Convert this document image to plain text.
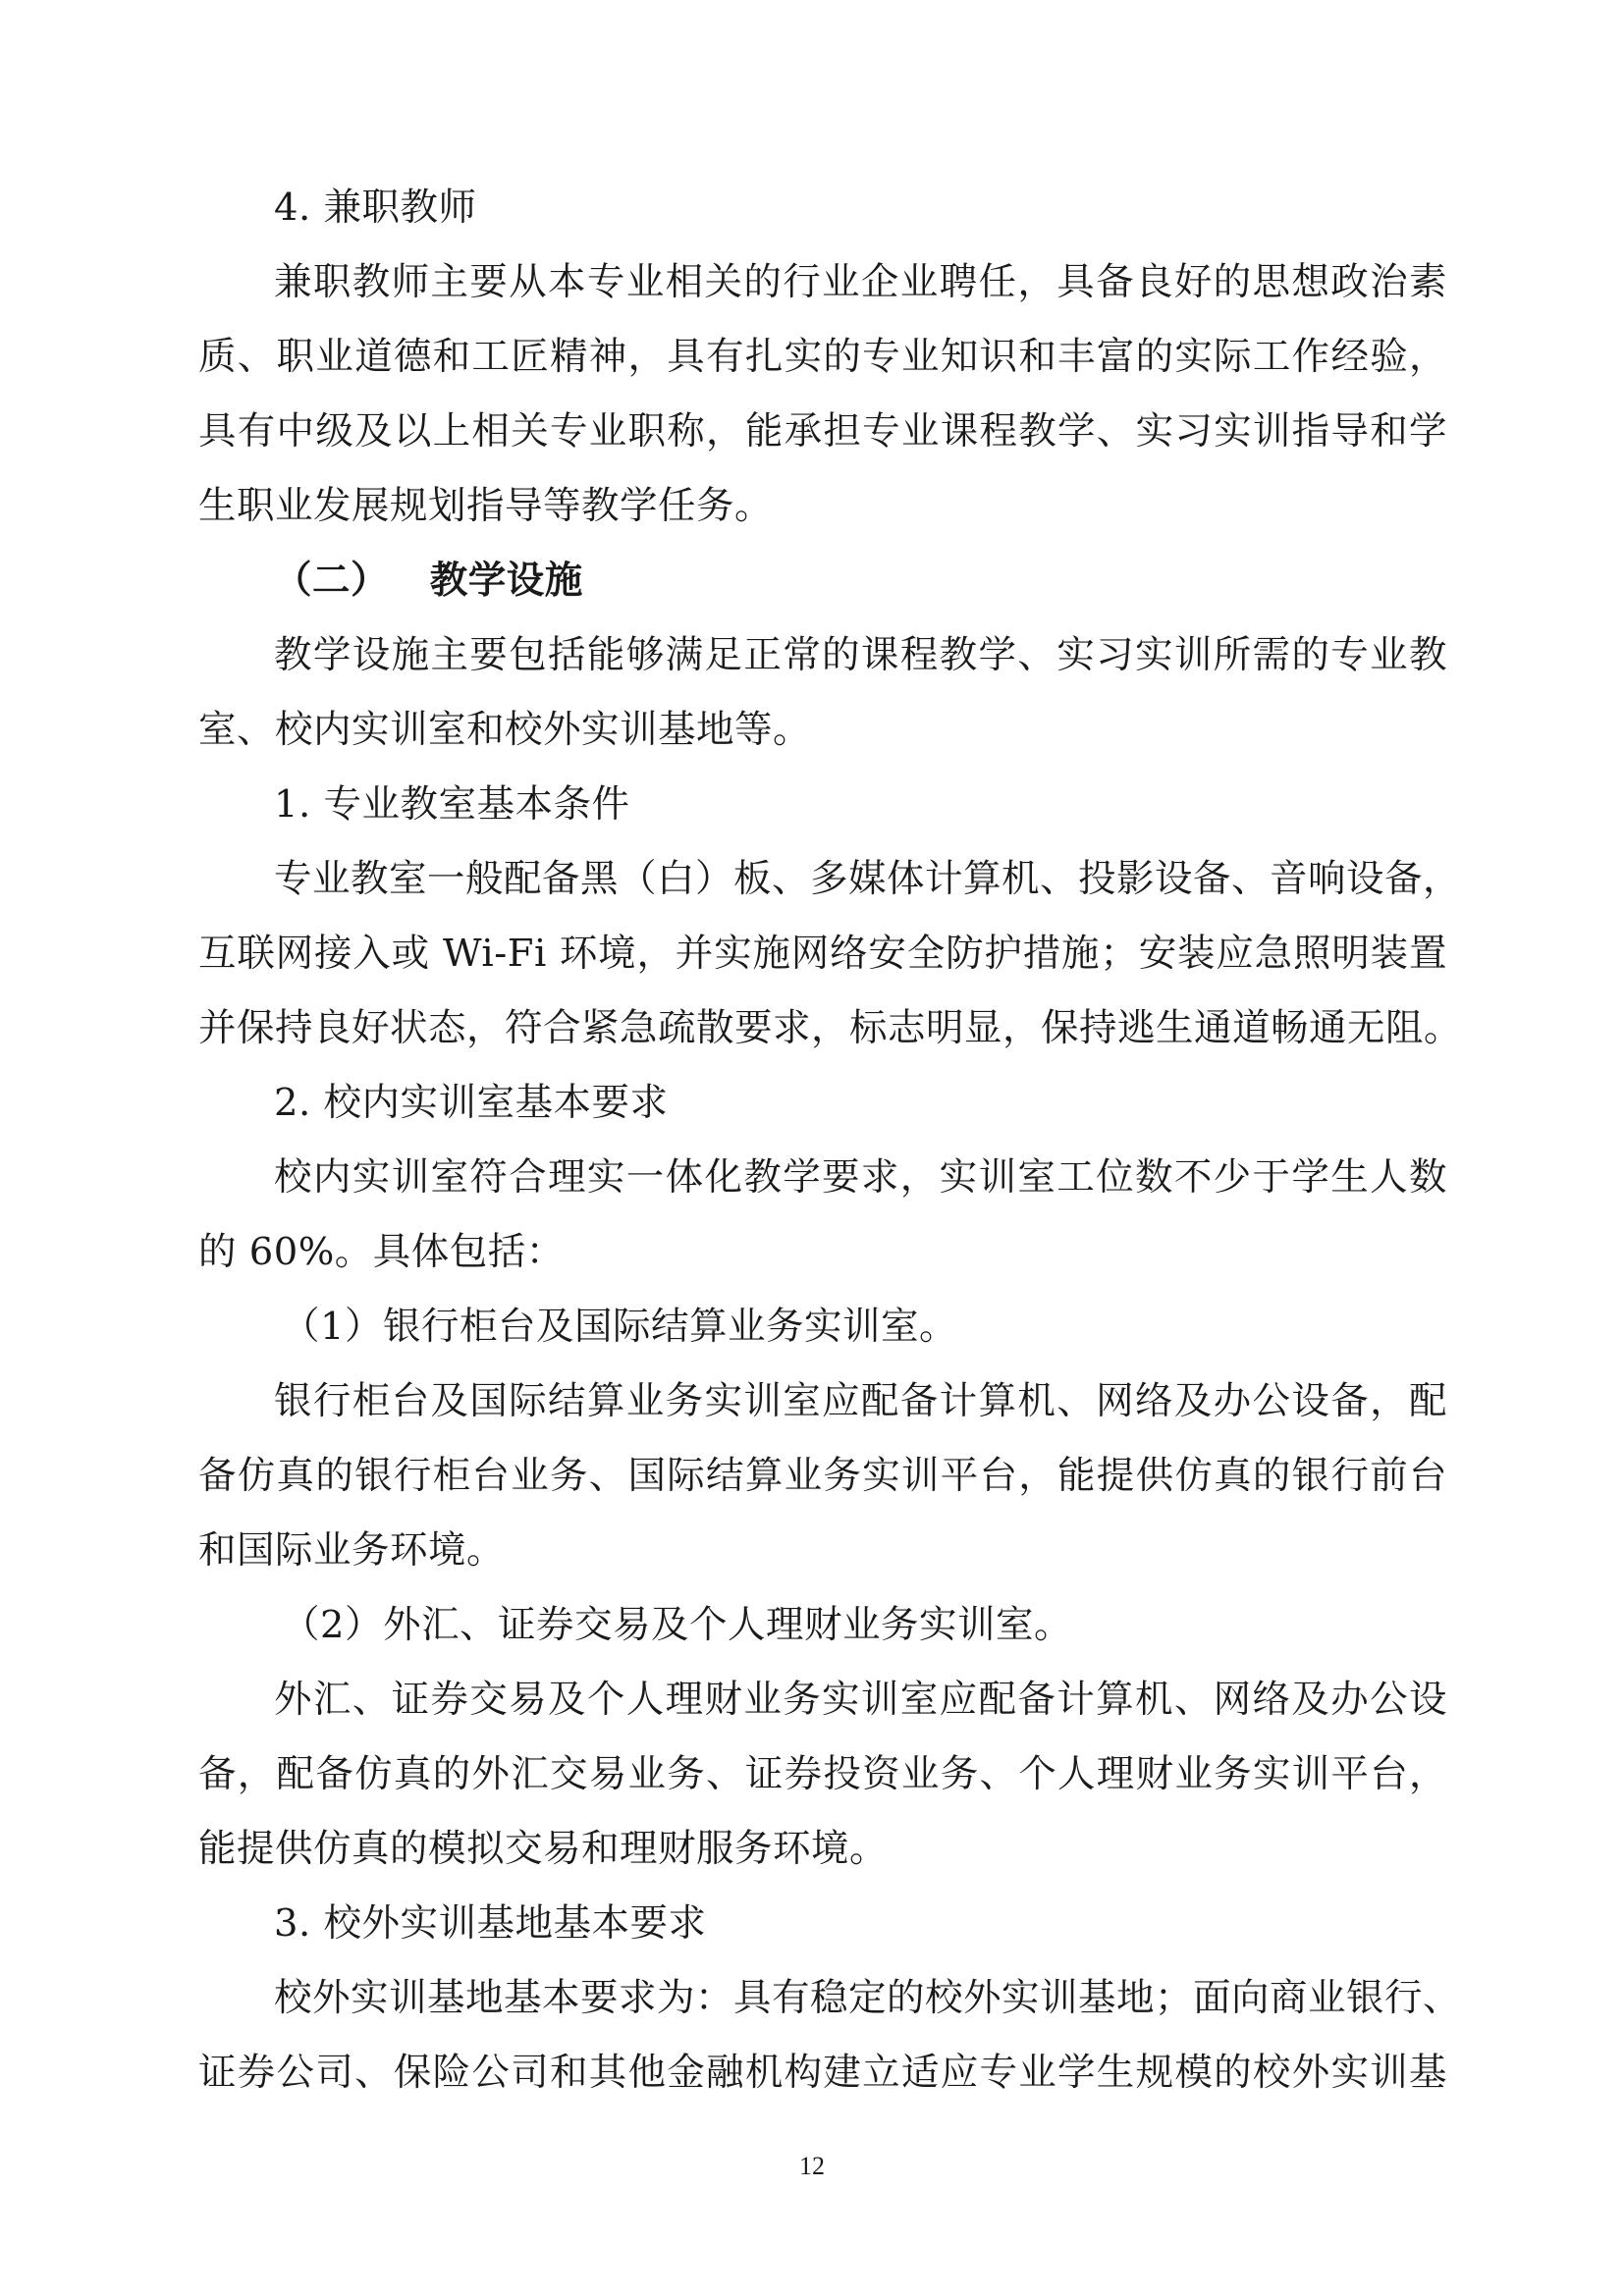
4. 兼职教师
兼职教师主要从本专业相关的行业企业聘任，具备良好的思想政治素
质、职业道德和工匠精神，具有扎实的专业知识和丰富的实际工作经验，
具有中级及以上相关专业职称，能承担专业课程教学、实习实训指导和学
生职业发展规划指导等教学任务。
（二）   教学设施
教学设施主要包括能够满足正常的课程教学、实习实训所需的专业教
室、校内实训室和校外实训基地等。
1. 专业教室基本条件
专业教室一般配备黑（白）板、多媒体计算机、投影设备、音响设备，
互联网接入或 Wi-Fi 环境，并实施网络安全防护措施；安装应急照明装置
并保持良好状态，符合紧急疏散要求，标志明显，保持逃生通道畅通无阻。
2. 校内实训室基本要求
校内实训室符合理实一体化教学要求，实训室工位数不少于学生人数
的 60%。具体包括：
（1）银行柜台及国际结算业务实训室。
银行柜台及国际结算业务实训室应配备计算机、网络及办公设备，配
备仿真的银行柜台业务、国际结算业务实训平台，能提供仿真的银行前台
和国际业务环境。
（2）外汇、证券交易及个人理财业务实训室。
外汇、证券交易及个人理财业务实训室应配备计算机、网络及办公设
备，配备仿真的外汇交易业务、证券投资业务、个人理财业务实训平台，
能提供仿真的模拟交易和理财服务环境。
3. 校外实训基地基本要求
校外实训基地基本要求为：具有稳定的校外实训基地；面向商业银行、
证券公司、保险公司和其他金融机构建立适应专业学生规模的校外实训基
12
